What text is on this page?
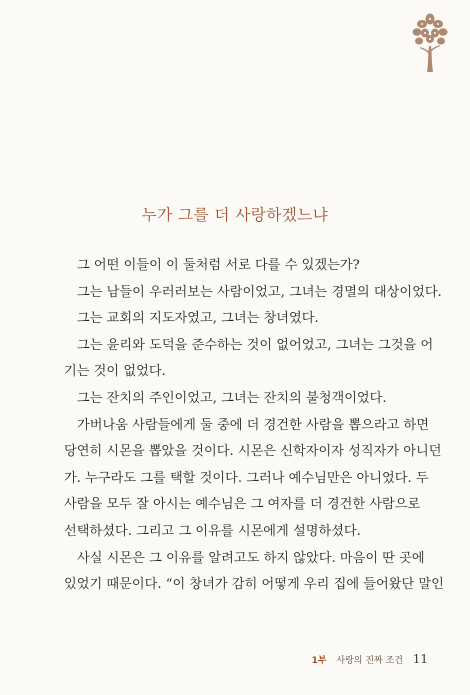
누가 그를 더 사랑하겠느냐

그 어떤 이들이 이 둘처럼 서로 다를 수 있겠는가?

그는 남들이 우러러보는 사람이었고, 그녀는 경멸의 대상이었다.

그는 교회의 지도자였고, 그녀는 창녀였다.

그는 윤리와 도덕을 준수하는 것이 없어었고, 그녀는 그것을 어
기는 것이 없었다.

그는 잔치의 주인이었고, 그녀는 잔치의 불청객이었다.

가버나움 사람들에게 둘 중에 더 경건한 사람을 뽑으라고 하면
당연히 시몬을 뽑았을 것이다. 시몬은 신학자이자 성직자가 아니던
가. 누구라도 그를 택할 것이다. 그러나 예수님만은 아니었다. 두
사람을 모두 잘 아시는 예수님은 그 여자를 더 경건한 사람으로
선택하셨다. 그리고 그 이유를 시몬에게 설명하셨다.

사실 시몬은 그 이유를 알려고도 하지 않았다. 마음이 딴 곳에
있었기 때문이다. “이 창녀가 감히 어떻게 우리 집에 들어왔단 말인

1부 사랑의 진짜 조건 11
